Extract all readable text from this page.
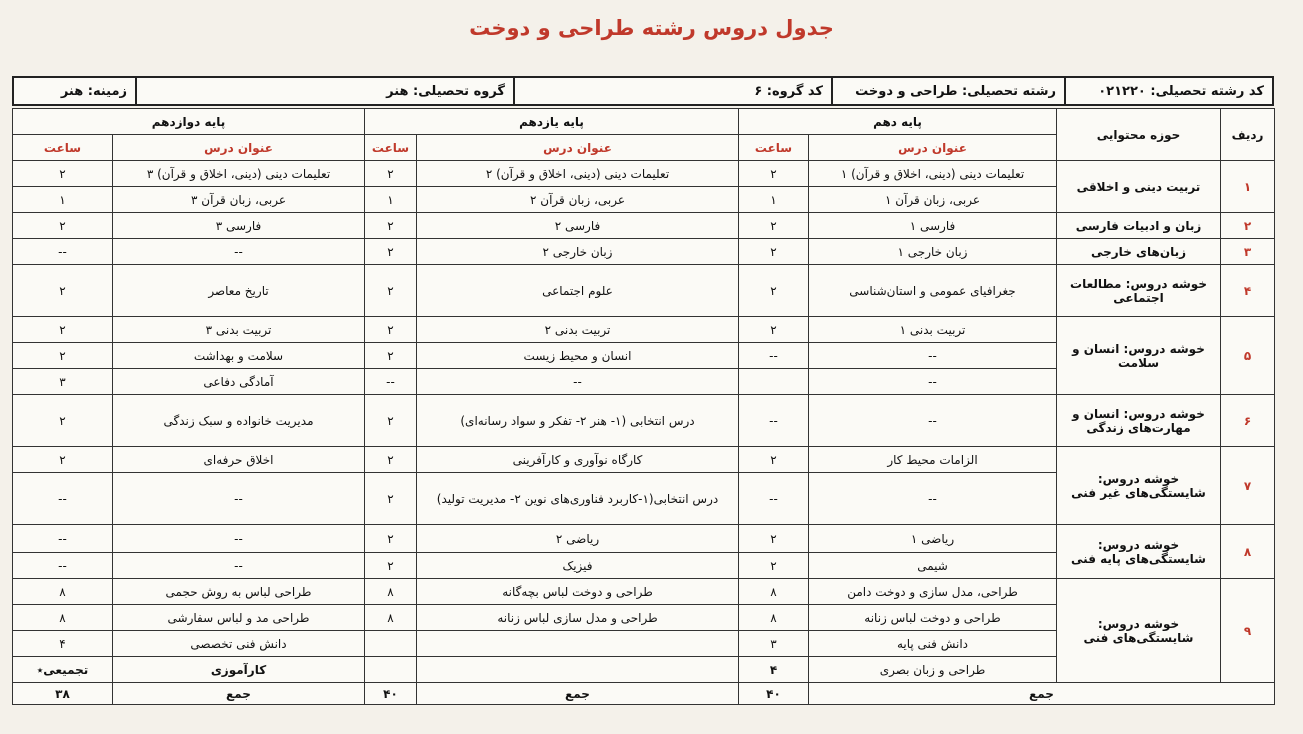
جدول دروس رشته طراحی و دوخت
کد رشته تحصیلی: ۰۲۱۲۲۰	رشته تحصیلی: طراحی و دوخت	کد گروه: ۶	گروه تحصیلی: هنر	زمینه: هنر
ردیف	حوزه محتوایی	پایه دهم		پایه یازدهم		پایه دوازدهم	
		عنوان درس	ساعت	عنوان درس	ساعت	عنوان درس	ساعت
۱	تربیت دینی و اخلاقی	تعلیمات دینی (دینی، اخلاق و قرآن) ۱	۲	تعلیمات دینی (دینی، اخلاق و قرآن) ۲	۲	تعلیمات دینی (دینی، اخلاق و قرآن) ۳	۲
		عربی، زبان قرآن ۱	۱	عربی، زبان قرآن ۲	۱	عربی، زبان قرآن ۳	۱
۲	زبان و ادبیات فارسی	فارسی ۱	۲	فارسی ۲	۲	فارسی ۳	۲
۳	زبان‌های خارجی	زبان خارجی ۱	۲	زبان خارجی ۲	۲	--	--
۴	خوشه دروس: مطالعات اجتماعی	جغرافیای عمومی و استان‌شناسی	۲	علوم اجتماعی	۲	تاریخ معاصر	۲
۵	خوشه دروس: انسان و سلامت	تربیت بدنی ۱	۲	تربیت بدنی ۲	۲	تربیت بدنی ۳	۲
		--	--	انسان و محیط زیست	۲	سلامت و بهداشت	۲
		--		--	--	آمادگی دفاعی	۳
۶	خوشه دروس: انسان و مهارت‌های زندگی	--	--	درس انتخابی (۱- هنر ۲- تفکر و سواد رسانه‌ای)	۲	مدیریت خانواده و سبک زندگی	۲
۷	خوشه دروس: شایستگی‌های غیر فنی	الزامات محیط کار	۲	کارگاه نوآوری و کارآفرینی	۲	اخلاق حرفه‌ای	۲
		--	--	درس انتخابی(۱-کاربرد فناوری‌های نوین ۲- مدیریت تولید)	۲	--	--
۸	خوشه دروس: شایستگی‌های پایه فنی	ریاضی ۱	۲	ریاضی ۲	۲	--	--
		شیمی	۲	فیزیک	۲	--	--
۹	خوشه دروس: شایستگی‌های فنی	طراحی، مدل سازی و دوخت دامن	۸	طراحی و دوخت لباس بچه‌گانه	۸	طراحی لباس به روش حجمی	۸
		طراحی و دوخت لباس زنانه	۸	طراحی و مدل سازی لباس زنانه	۸	طراحی مد و لباس سفارشی	۸
		دانش فنی پایه	۳			دانش فنی تخصصی	۴
		طراحی و زبان بصری	۴			کارآموزی	تجمیعی٭
جمع			۴۰	جمع	۴۰	جمع	۳۸
